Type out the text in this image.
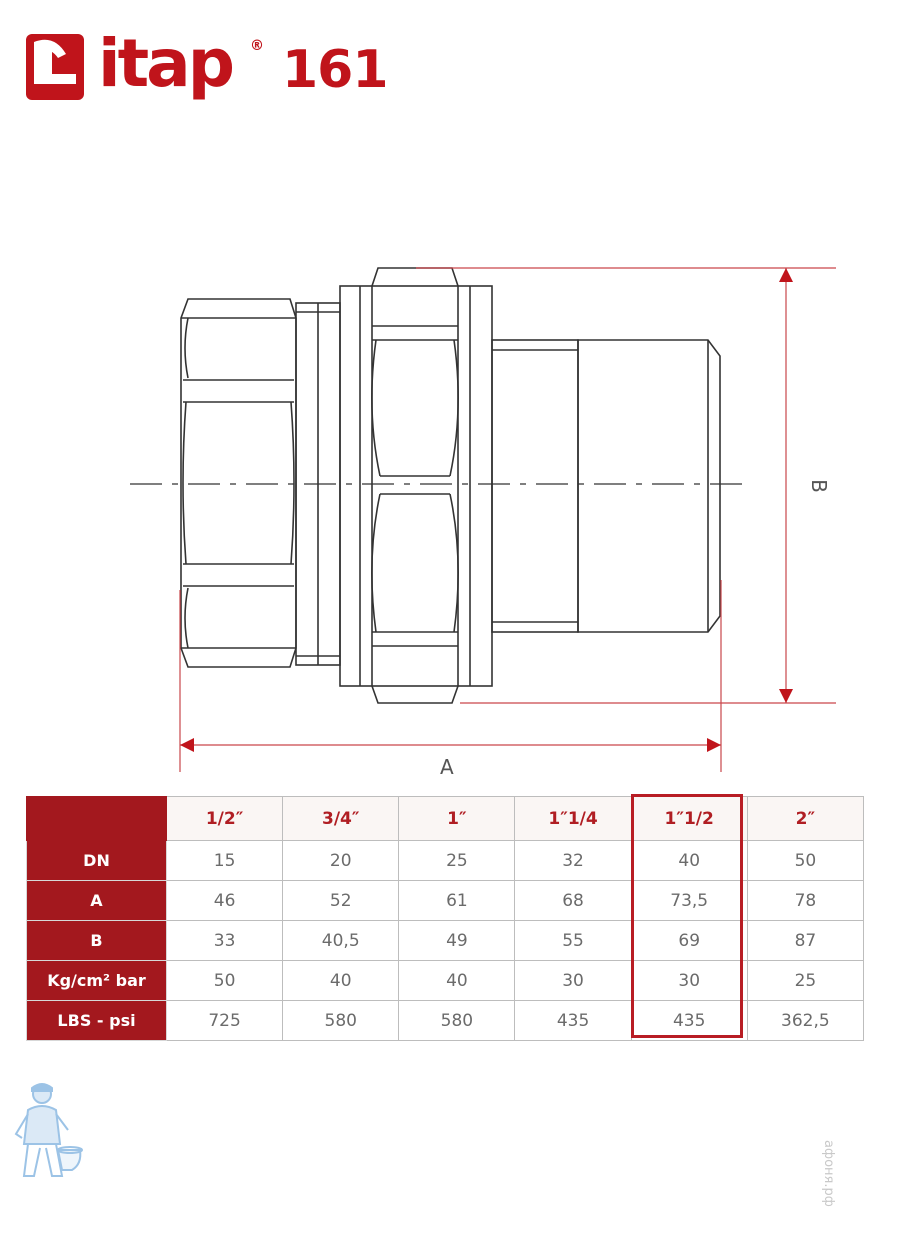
itap ® 161
A
B
	1/2″	3/4″	1″	1″1/4	1″1/2	2″
DN	15	20	25	32	40	50
A	46	52	61	68	73,5	78
B	33	40,5	49	55	69	87
Kg/cm² bar	50	40	40	30	30	25
LBS - psi	725	580	580	435	435	362,5
афоня.рф
